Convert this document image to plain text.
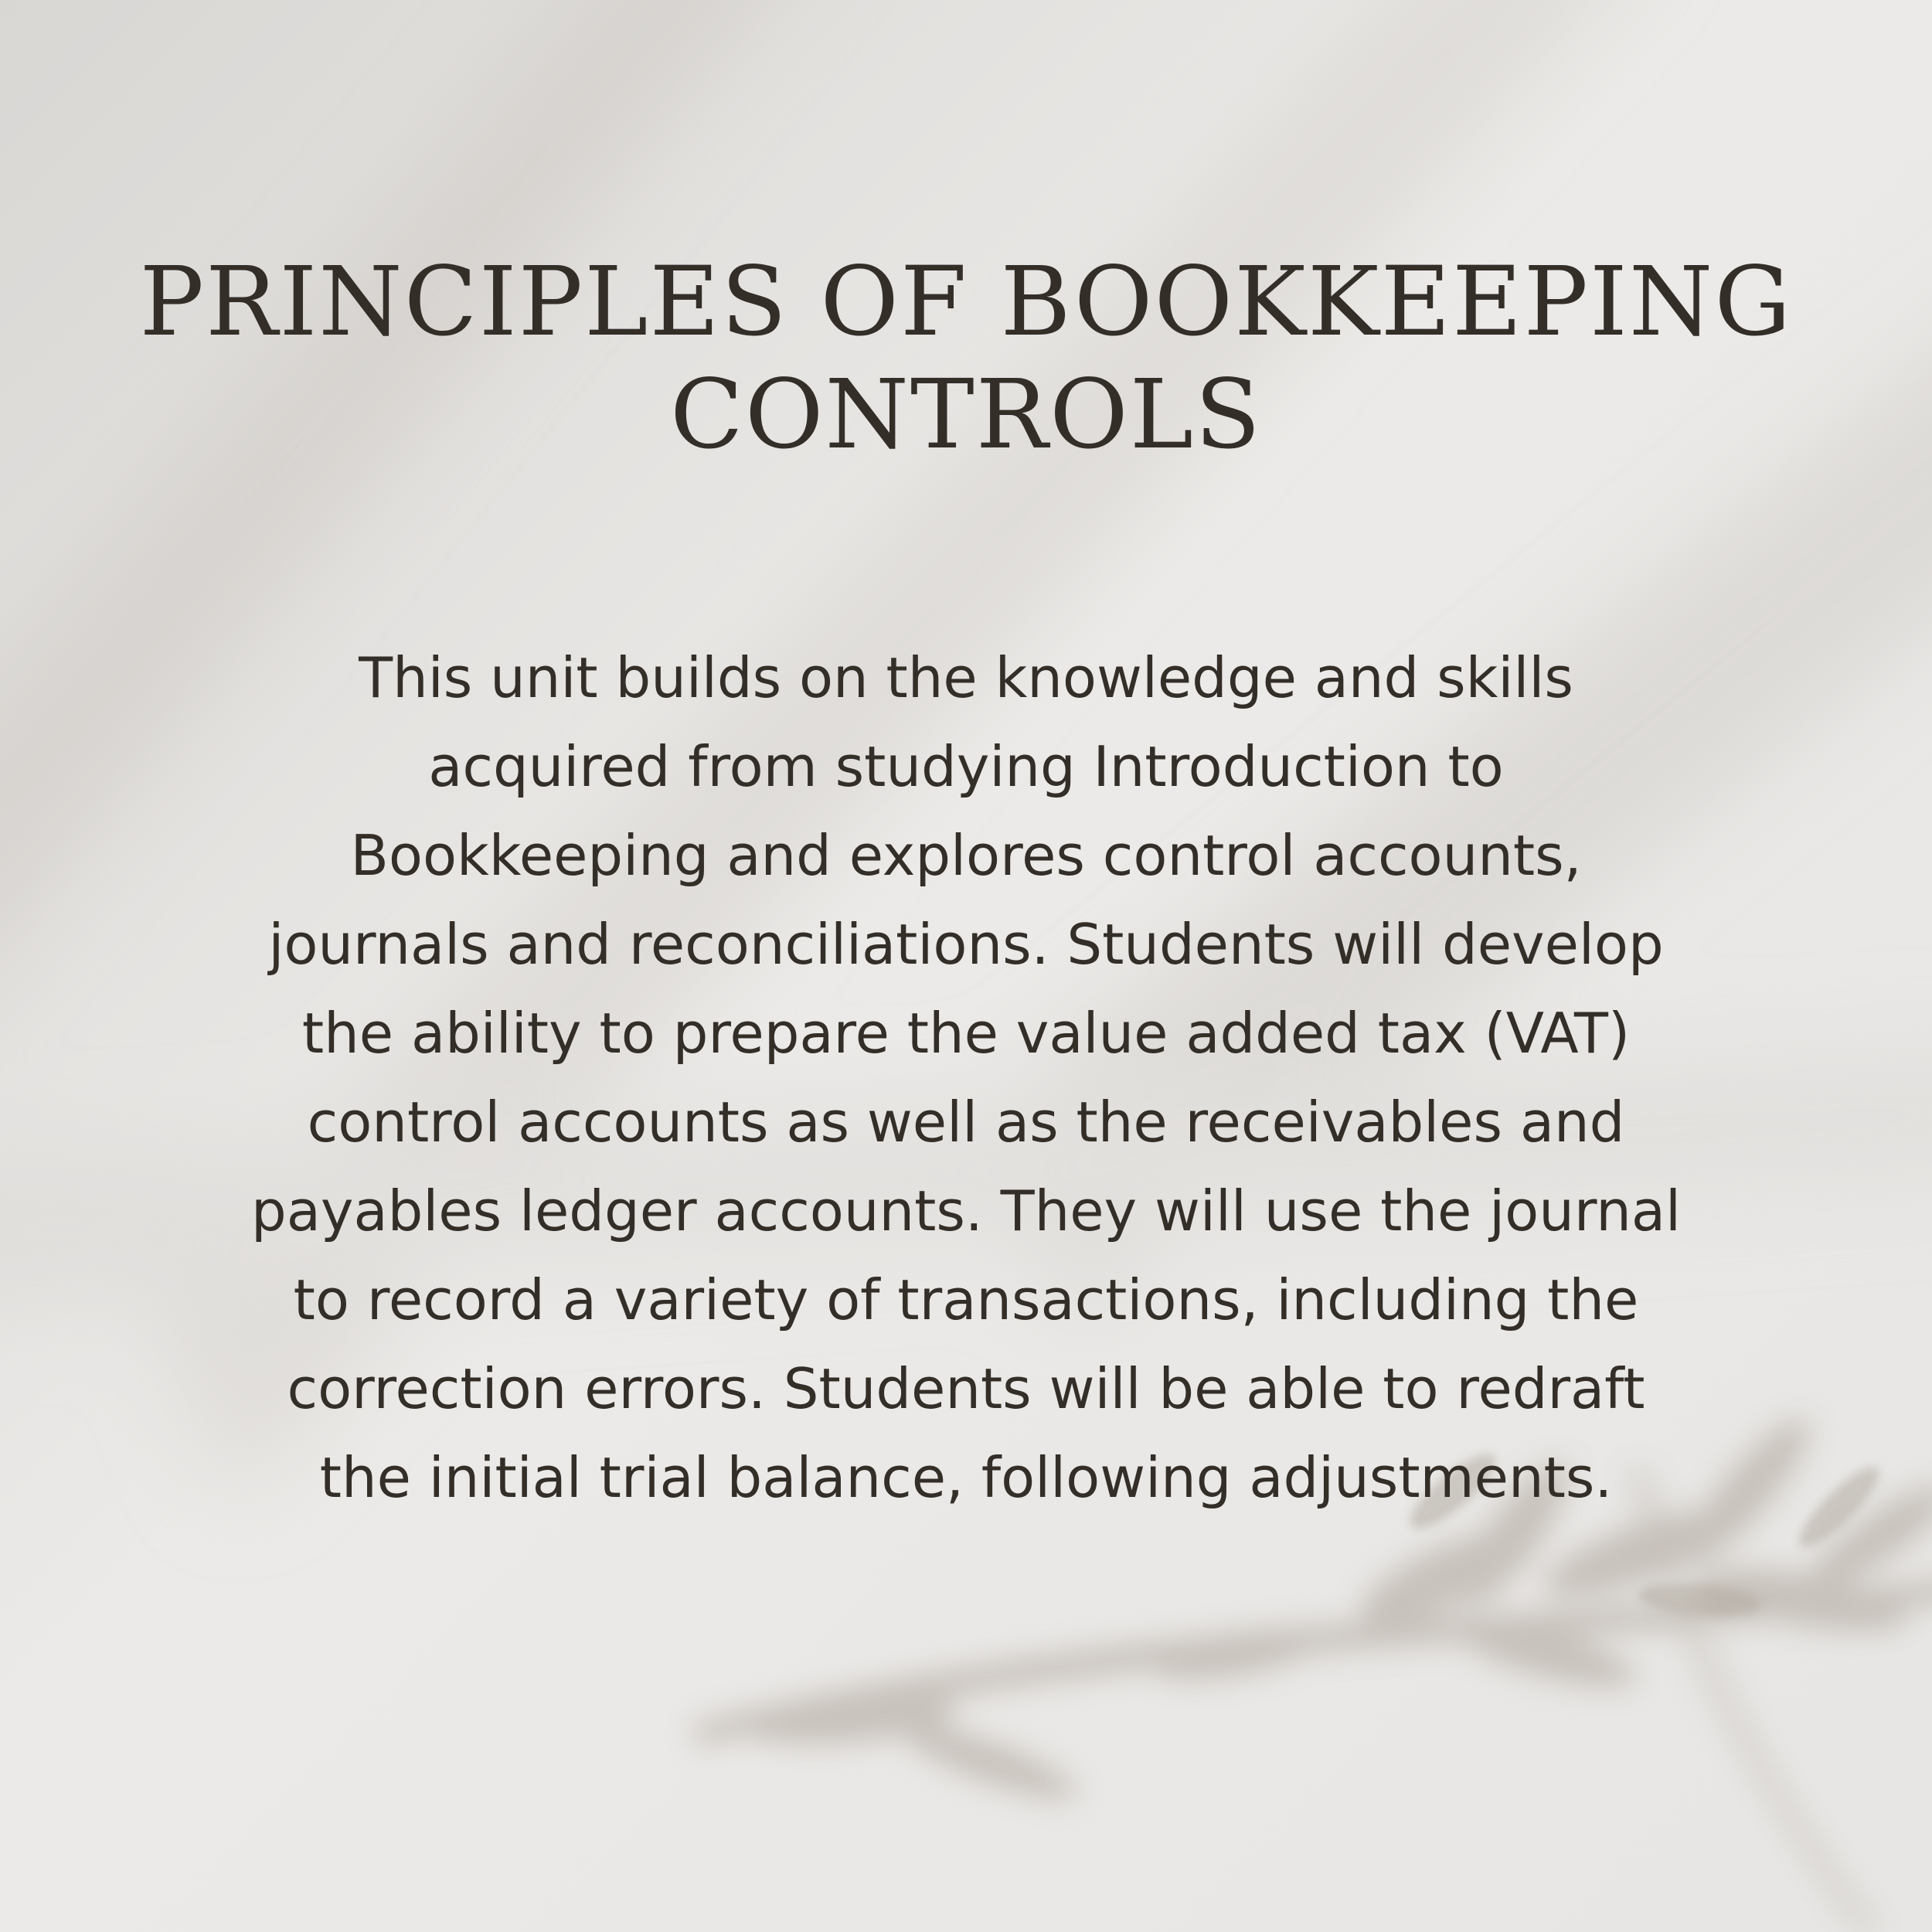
PRINCIPLES OF BOOKKEEPING
CONTROLS
This unit builds on the knowledge and skills
acquired from studying Introduction to
Bookkeeping and explores control accounts,
journals and reconciliations. Students will develop
the ability to prepare the value added tax (VAT)
control accounts as well as the receivables and
payables ledger accounts. They will use the journal
to record a variety of transactions, including the
correction errors. Students will be able to redraft
the initial trial balance, following adjustments.
